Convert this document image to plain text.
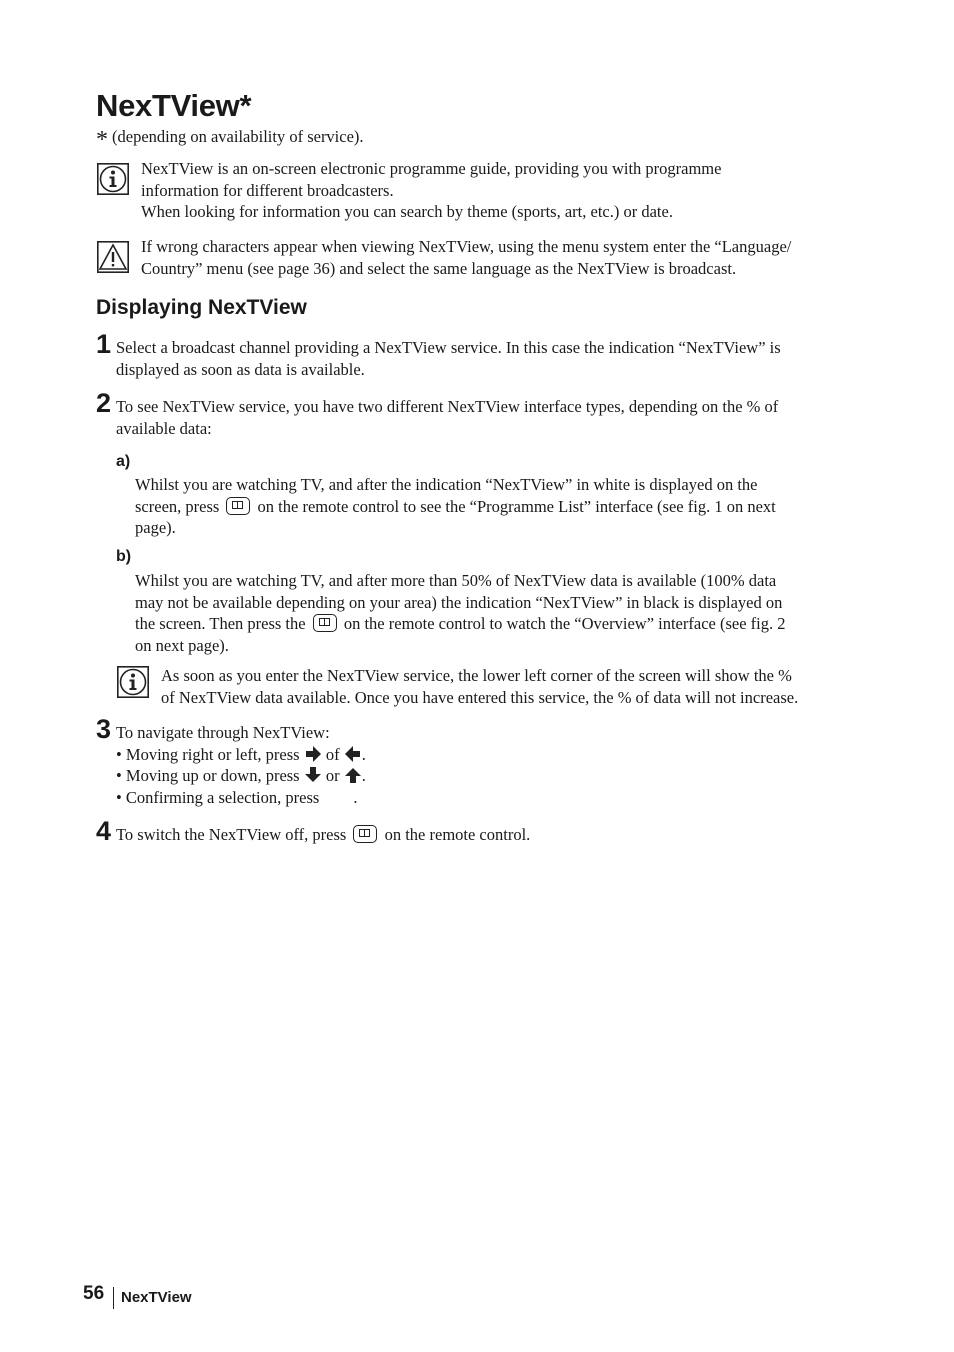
NexTView*
* (depending on availability of service).
NexTView is an on-screen electronic programme guide, providing you with programme
information for different broadcasters.
When looking for information you can search by theme (sports, art, etc.) or date.
If wrong characters appear when viewing NexTView, using the menu system enter the “Language/
Country” menu (see page 36) and select the same language as the NexTView is broadcast.
Displaying NexTView
1 Select a broadcast channel providing a NexTView service. In this case the indication “NexTView” is
displayed as soon as data is available.
2 To see NexTView service, you have two different NexTView interface types, depending on the % of
available data:
a)
Whilst you are watching TV, and after the indication “NexTView” in white is displayed on the
screen, press on the remote control to see the “Programme List” interface (see fig. 1 on next
page).
b)
Whilst you are watching TV, and after more than 50% of NexTView data is available (100% data
may not be available depending on your area) the indication “NexTView” in black is displayed on
the screen. Then press the on the remote control to watch the “Overview” interface (see fig. 2
on next page).
As soon as you enter the NexTView service, the lower left corner of the screen will show the %
of NexTView data available. Once you have entered this service, the % of data will not increase.
3 To navigate through NexTView:
• Moving right or left, press of .
• Moving up or down, press or .
• Confirming a selection, press .
4 To switch the NexTView off, press on the remote control.
56 NexTView
